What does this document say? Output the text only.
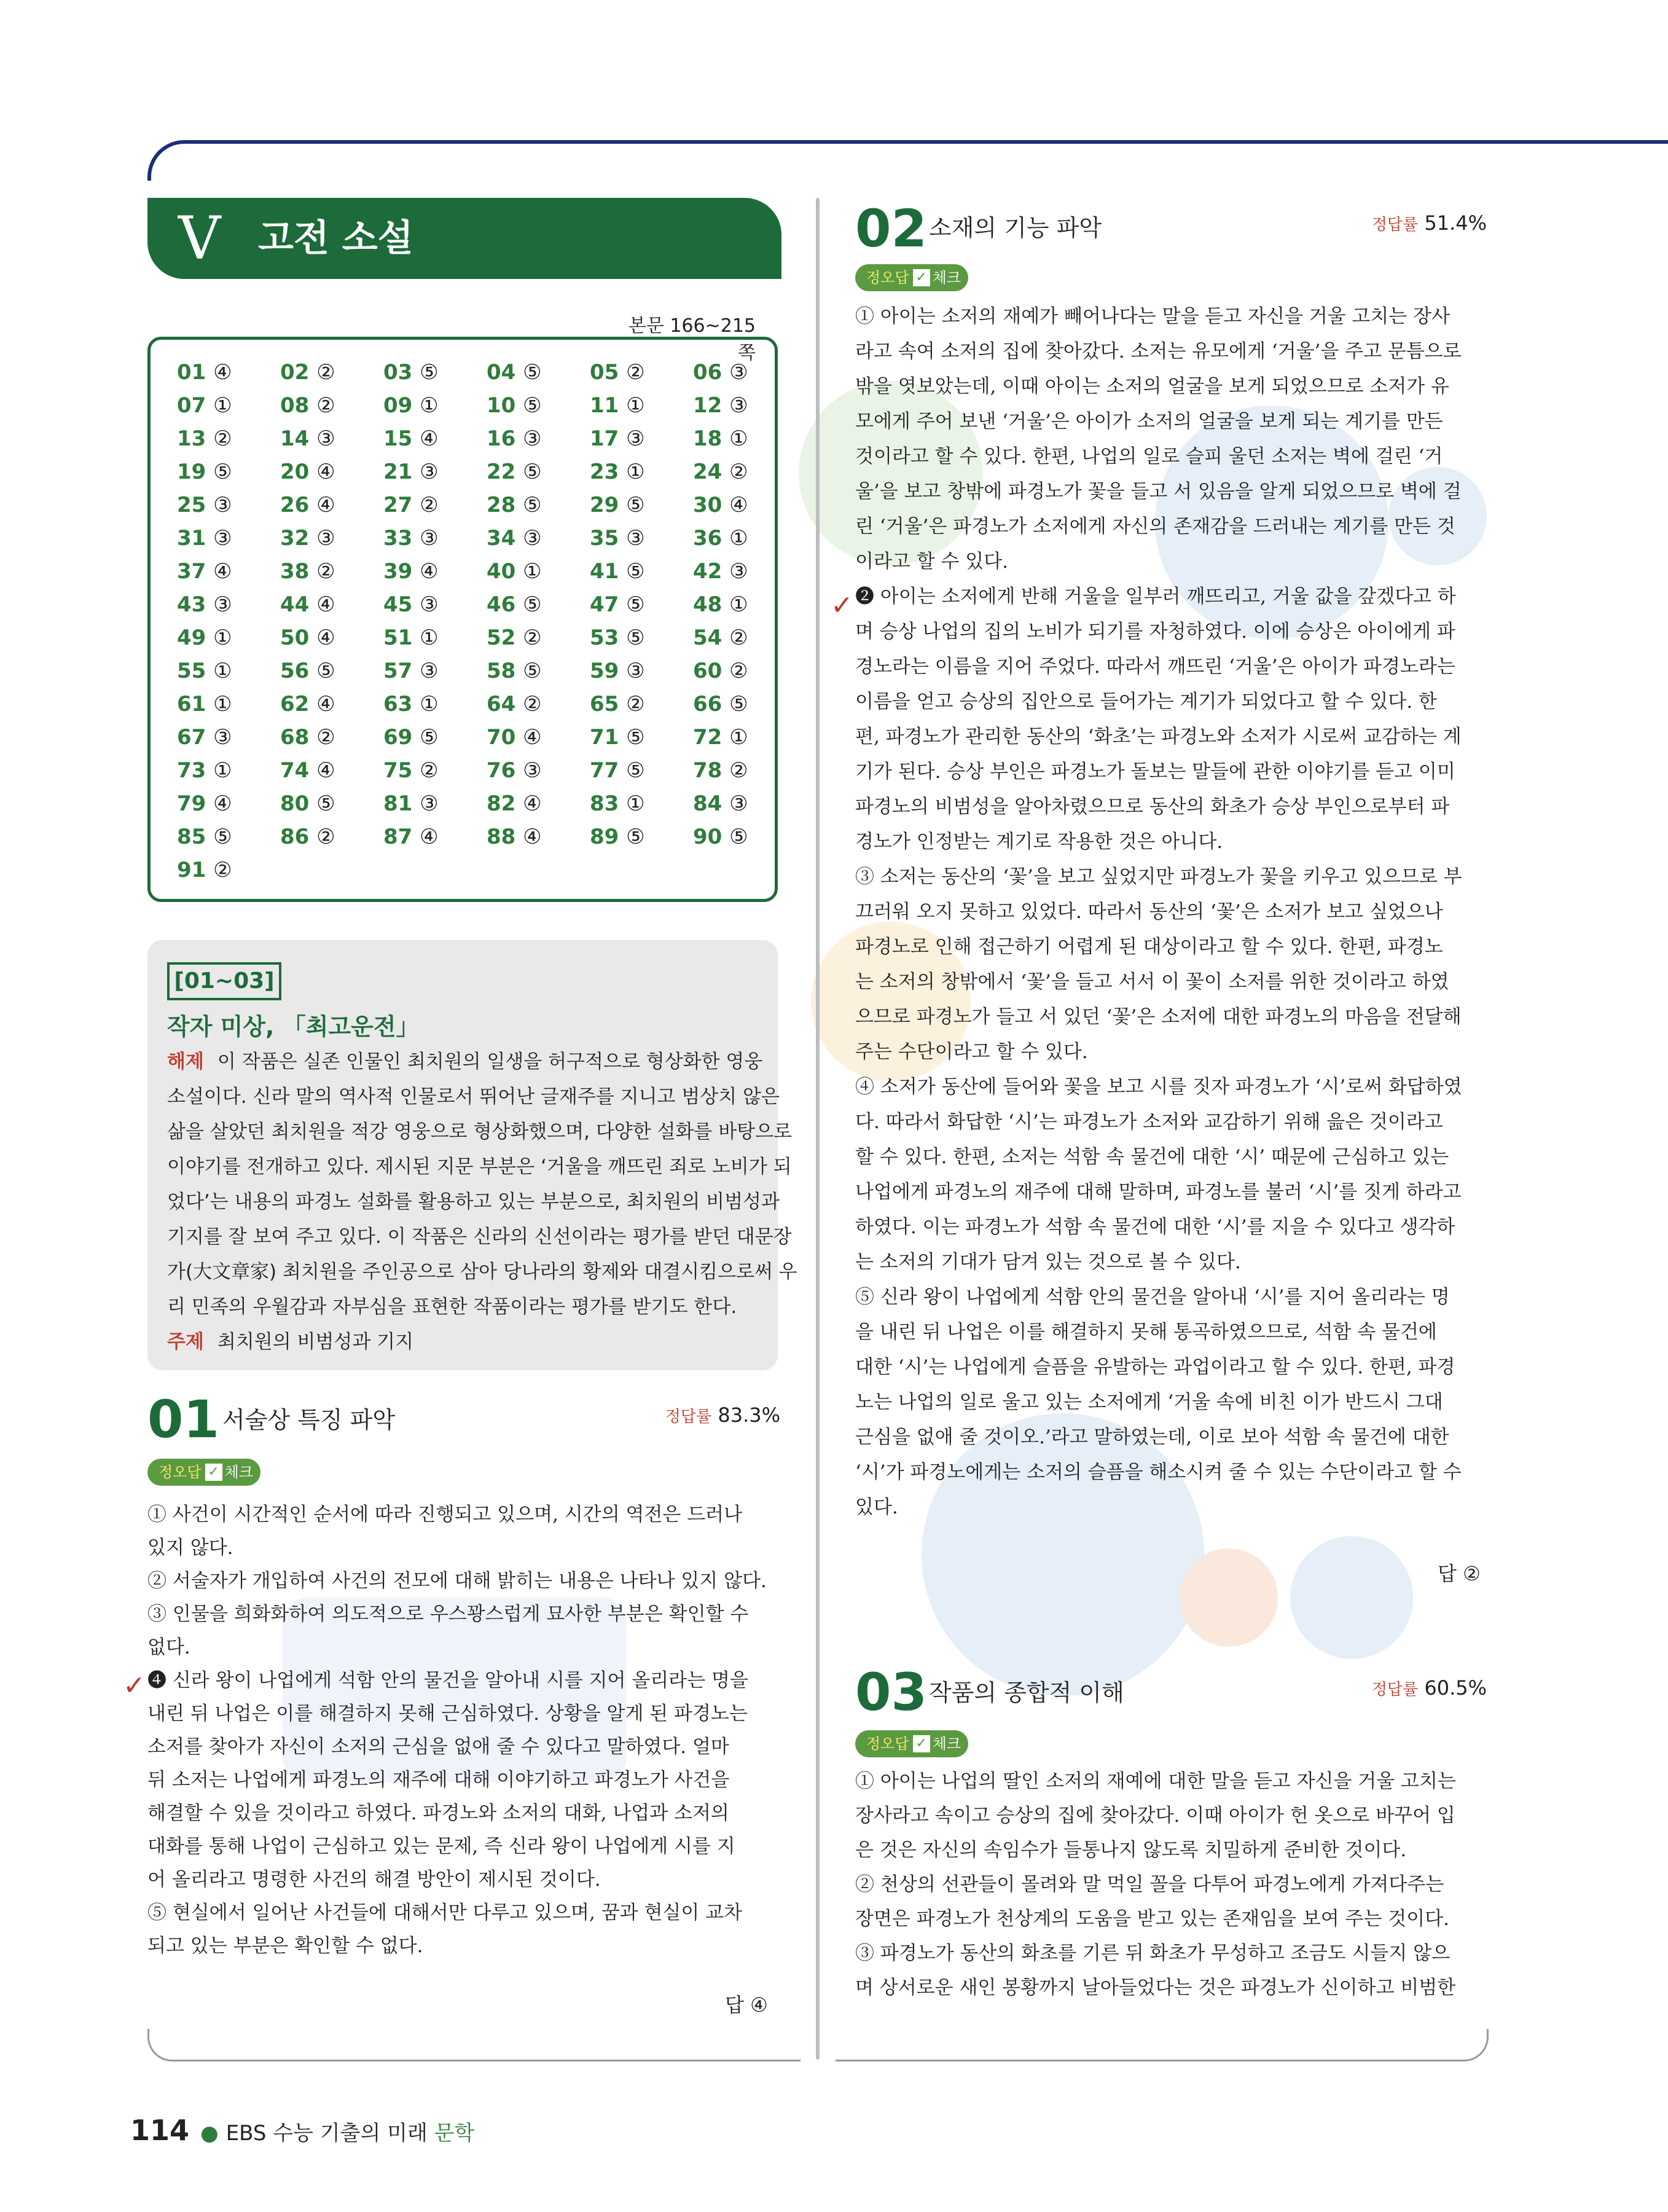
V 고전 소설
본문 166~215쪽
01 ④	02 ②	03 ⑤	04 ⑤	05 ②	06 ③
07 ①	08 ②	09 ①	10 ⑤	11 ①	12 ③
13 ②	14 ③	15 ④	16 ③	17 ③	18 ①
19 ⑤	20 ④	21 ③	22 ⑤	23 ①	24 ②
25 ③	26 ④	27 ②	28 ⑤	29 ⑤	30 ④
31 ③	32 ③	33 ③	34 ③	35 ③	36 ①
37 ④	38 ②	39 ④	40 ①	41 ⑤	42 ③
43 ③	44 ④	45 ③	46 ⑤	47 ⑤	48 ①
49 ①	50 ④	51 ①	52 ②	53 ⑤	54 ②
55 ①	56 ⑤	57 ③	58 ⑤	59 ③	60 ②
61 ①	62 ④	63 ①	64 ②	65 ②	66 ⑤
67 ③	68 ②	69 ⑤	70 ④	71 ⑤	72 ①
73 ①	74 ④	75 ②	76 ③	77 ⑤	78 ②
79 ④	80 ⑤	81 ③	82 ④	83 ①	84 ③
85 ⑤	86 ②	87 ④	88 ④	89 ⑤	90 ⑤
91 ②
[01~03]
작자 미상, 「최고운전」
해제 이 작품은 실존 인물인 최치원의 일생을 허구적으로 형상화한 영웅
소설이다. 신라 말의 역사적 인물로서 뛰어난 글재주를 지니고 범상치 않은
삶을 살았던 최치원을 적강 영웅으로 형상화했으며, 다양한 설화를 바탕으로
이야기를 전개하고 있다. 제시된 지문 부분은 ‘거울을 깨뜨린 죄로 노비가 되
었다’는 내용의 파경노 설화를 활용하고 있는 부분으로, 최치원의 비범성과
기지를 잘 보여 주고 있다. 이 작품은 신라의 신선이라는 평가를 받던 대문장
가(大文章家) 최치원을 주인공으로 삼아 당나라의 황제와 대결시킴으로써 우
리 민족의 우월감과 자부심을 표현한 작품이라는 평가를 받기도 한다.
주제 최치원의 비범성과 기지
01 서술상 특징 파악	정답률 83.3%
정오답 ✓ 체크
① 사건이 시간적인 순서에 따라 진행되고 있으며, 시간의 역전은 드러나
있지 않다.
② 서술자가 개입하여 사건의 전모에 대해 밝히는 내용은 나타나 있지 않다.
③ 인물을 희화화하여 의도적으로 우스꽝스럽게 묘사한 부분은 확인할 수
없다.
❹ 신라 왕이 나업에게 석함 안의 물건을 알아내 시를 지어 올리라는 명을
내린 뒤 나업은 이를 해결하지 못해 근심하였다. 상황을 알게 된 파경노는
소저를 찾아가 자신이 소저의 근심을 없애 줄 수 있다고 말하였다. 얼마
뒤 소저는 나업에게 파경노의 재주에 대해 이야기하고 파경노가 사건을
해결할 수 있을 것이라고 하였다. 파경노와 소저의 대화, 나업과 소저의
대화를 통해 나업이 근심하고 있는 문제, 즉 신라 왕이 나업에게 시를 지
어 올리라고 명령한 사건의 해결 방안이 제시된 것이다.
⑤ 현실에서 일어난 사건들에 대해서만 다루고 있으며, 꿈과 현실이 교차
되고 있는 부분은 확인할 수 없다.
✓
답 ④
02 소재의 기능 파악	정답률 51.4%
정오답 ✓ 체크
① 아이는 소저의 재예가 빼어나다는 말을 듣고 자신을 거울 고치는 장사
라고 속여 소저의 집에 찾아갔다. 소저는 유모에게 ‘거울’을 주고 문틈으로
밖을 엿보았는데, 이때 아이는 소저의 얼굴을 보게 되었으므로 소저가 유
모에게 주어 보낸 ‘거울’은 아이가 소저의 얼굴을 보게 되는 계기를 만든
것이라고 할 수 있다. 한편, 나업의 일로 슬피 울던 소저는 벽에 걸린 ‘거
울’을 보고 창밖에 파경노가 꽃을 들고 서 있음을 알게 되었으므로 벽에 걸
린 ‘거울’은 파경노가 소저에게 자신의 존재감을 드러내는 계기를 만든 것
이라고 할 수 있다.
❷ 아이는 소저에게 반해 거울을 일부러 깨뜨리고, 거울 값을 갚겠다고 하
며 승상 나업의 집의 노비가 되기를 자청하였다. 이에 승상은 아이에게 파
경노라는 이름을 지어 주었다. 따라서 깨뜨린 ‘거울’은 아이가 파경노라는
이름을 얻고 승상의 집안으로 들어가는 계기가 되었다고 할 수 있다. 한
편, 파경노가 관리한 동산의 ‘화초’는 파경노와 소저가 시로써 교감하는 계
기가 된다. 승상 부인은 파경노가 돌보는 말들에 관한 이야기를 듣고 이미
파경노의 비범성을 알아차렸으므로 동산의 화초가 승상 부인으로부터 파
경노가 인정받는 계기로 작용한 것은 아니다.
③ 소저는 동산의 ‘꽃’을 보고 싶었지만 파경노가 꽃을 키우고 있으므로 부
끄러워 오지 못하고 있었다. 따라서 동산의 ‘꽃’은 소저가 보고 싶었으나
파경노로 인해 접근하기 어렵게 된 대상이라고 할 수 있다. 한편, 파경노
는 소저의 창밖에서 ‘꽃’을 들고 서서 이 꽃이 소저를 위한 것이라고 하였
으므로 파경노가 들고 서 있던 ‘꽃’은 소저에 대한 파경노의 마음을 전달해
주는 수단이라고 할 수 있다.
④ 소저가 동산에 들어와 꽃을 보고 시를 짓자 파경노가 ‘시’로써 화답하였
다. 따라서 화답한 ‘시’는 파경노가 소저와 교감하기 위해 읊은 것이라고
할 수 있다. 한편, 소저는 석함 속 물건에 대한 ‘시’ 때문에 근심하고 있는
나업에게 파경노의 재주에 대해 말하며, 파경노를 불러 ‘시’를 짓게 하라고
하였다. 이는 파경노가 석함 속 물건에 대한 ‘시’를 지을 수 있다고 생각하
는 소저의 기대가 담겨 있는 것으로 볼 수 있다.
⑤ 신라 왕이 나업에게 석함 안의 물건을 알아내 ‘시’를 지어 올리라는 명
을 내린 뒤 나업은 이를 해결하지 못해 통곡하였으므로, 석함 속 물건에
대한 ‘시’는 나업에게 슬픔을 유발하는 과업이라고 할 수 있다. 한편, 파경
노는 나업의 일로 울고 있는 소저에게 ‘거울 속에 비친 이가 반드시 그대
근심을 없애 줄 것이오.’라고 말하였는데, 이로 보아 석함 속 물건에 대한
‘시’가 파경노에게는 소저의 슬픔을 해소시켜 줄 수 있는 수단이라고 할 수
있다.
✓
답 ②
03 작품의 종합적 이해	정답률 60.5%
정오답 ✓ 체크
① 아이는 나업의 딸인 소저의 재예에 대한 말을 듣고 자신을 거울 고치는
장사라고 속이고 승상의 집에 찾아갔다. 이때 아이가 헌 옷으로 바꾸어 입
은 것은 자신의 속임수가 들통나지 않도록 치밀하게 준비한 것이다.
② 천상의 선관들이 몰려와 말 먹일 꼴을 다투어 파경노에게 가져다주는
장면은 파경노가 천상계의 도움을 받고 있는 존재임을 보여 주는 것이다.
③ 파경노가 동산의 화초를 기른 뒤 화초가 무성하고 조금도 시들지 않으
며 상서로운 새인 봉황까지 날아들었다는 것은 파경노가 신이하고 비범한
114 ● EBS 수능 기출의 미래 문학
